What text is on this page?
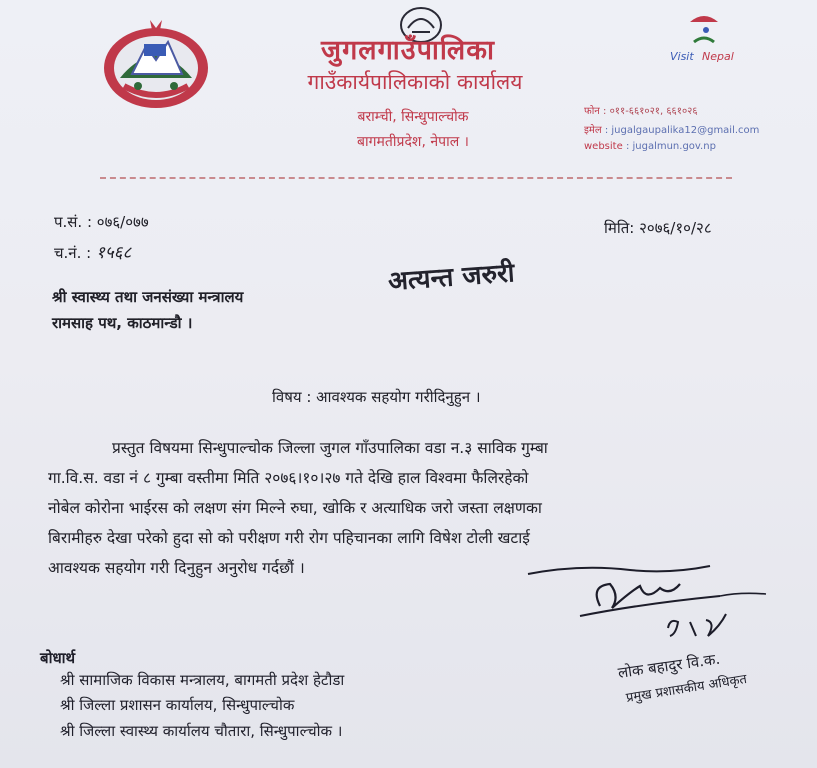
Visit Nepal
जुगलगाउँपालिका
गाउँकार्यपालिकाको कार्यालय
बराम्ची, सिन्धुपाल्चोक
बागमतीप्रदेश, नेपाल ।
फोन : ०११-६६१०२१, ६६१०२६
इमेल : jugalgaupalika12@gmail.com
website : jugalmun.gov.np
प.सं. : ०७६/०७७
च.नं. : १५६८
मिति: २०७६/१०/२८
अत्यन्त जरुरी
श्री स्वास्थ्य तथा जनसंख्या मन्त्रालय
रामसाह पथ, काठमान्डौ ।
विषय : आवश्यक सहयोग गरीदिनुहुन ।
प्रस्तुत विषयमा सिन्धुपाल्चोक जिल्ला जुगल गाँउपालिका वडा न.३ साविक गुम्बा
गा.वि.स. वडा नं ८ गुम्बा वस्तीमा मिति २०७६।१०।२७ गते देखि हाल विश्वमा फैलिरहेको
नोबेल कोरोना भाईरस को लक्षण संग मिल्ने रुघा, खोकि र अत्याधिक जरो जस्ता लक्षणका
बिरामीहरु देखा परेको हुदा सो को परीक्षण गरी रोग पहिचानका लागि विषेश टोली खटाई
आवश्यक सहयोग गरी दिनुहुन अनुरोध गर्दछौं ।
लोक बहादुर वि.क.
प्रमुख प्रशासकीय अधिकृत
बोधार्थ
श्री सामाजिक विकास मन्त्रालय, बागमती प्रदेश हेटौडा
श्री जिल्ला प्रशासन कार्यालय, सिन्धुपाल्चोक
श्री जिल्ला स्वास्थ्य कार्यालय चौतारा, सिन्धुपाल्चोक ।
